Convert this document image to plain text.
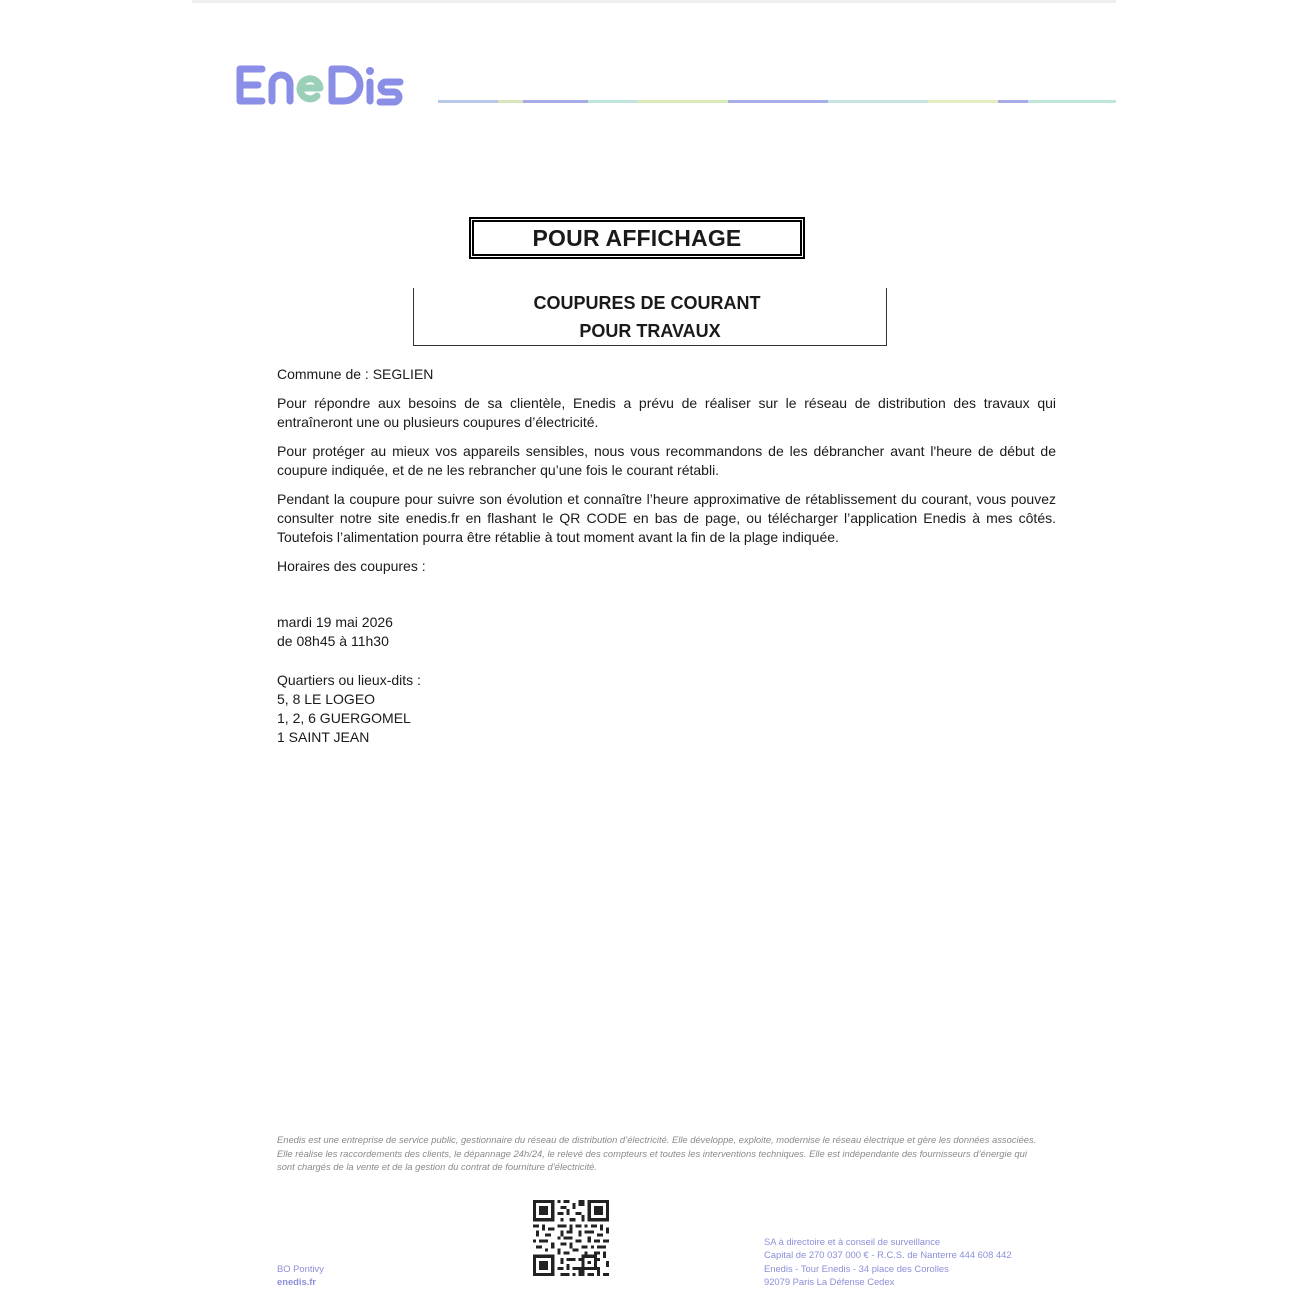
POUR AFFICHAGE
COUPURES DE COURANT
POUR TRAVAUX

Commune de : SEGLIEN

Pour répondre aux besoins de sa clientèle, Enedis a prévu de réaliser sur le réseau de distribution des travaux qui entraîneront une ou plusieurs coupures d’électricité.

Pour protéger au mieux vos appareils sensibles, nous vous recommandons de les débrancher avant l'heure de début de coupure indiquée, et de ne les rebrancher qu’une fois le courant rétabli.

Pendant la coupure pour suivre son évolution et connaître l’heure approximative de rétablissement du courant, vous pouvez consulter notre site enedis.fr en flashant le QR CODE en bas de page, ou télécharger l’application Enedis à mes côtés. Toutefois l’alimentation pourra être rétablie à tout moment avant la fin de la plage indiquée.

Horaires des coupures :

mardi 19 mai 2026
de 08h45 à 11h30
Quartiers ou lieux-dits :
5, 8 LE LOGEO
1, 2, 6 GUERGOMEL
1 SAINT JEAN
Enedis est une entreprise de service public, gestionnaire du réseau de distribution d’électricité. Elle développe, exploite, modernise le réseau électrique et gère les données associées. Elle réalise les raccordements des clients, le dépannage 24h/24, le relevé des compteurs et toutes les interventions techniques. Elle est indépendante des fournisseurs d’énergie qui sont chargés de la vente et de la gestion du contrat de fourniture d’électricité.
BO Pontivy
enedis.fr
SA à directoire et à conseil de surveillance
Capital de 270 037 000 € - R.C.S. de Nanterre 444 608 442
Enedis - Tour Enedis - 34 place des Corolles
92079 Paris La Défense Cedex
